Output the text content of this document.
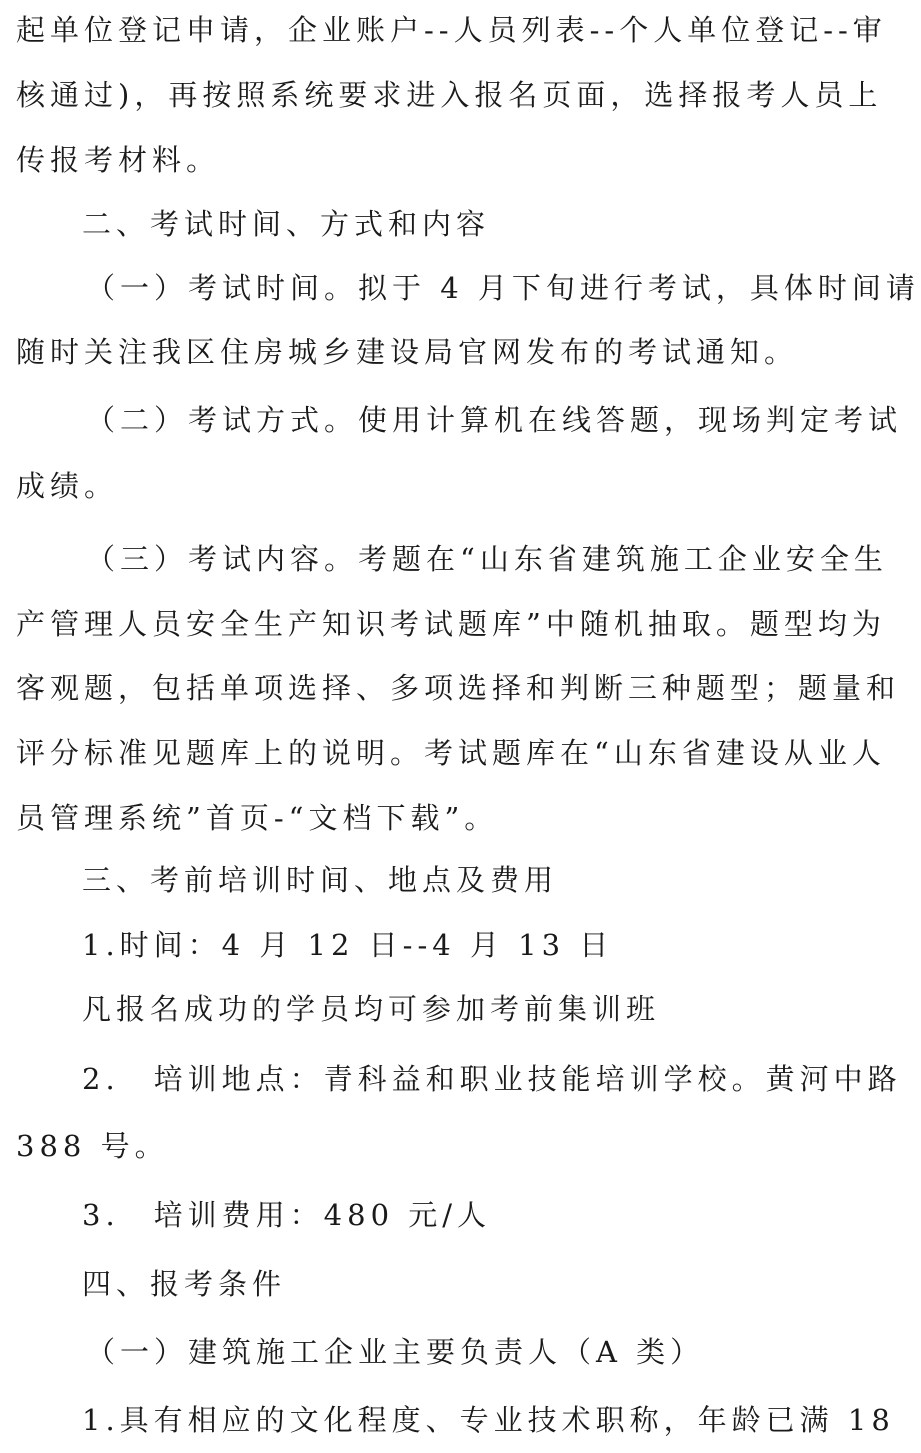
起单位登记申请，企业账户--人员列表--个人单位登记--审
核通过)，再按照系统要求进入报名页面，选择报考人员上
传报考材料。
二、考试时间、方式和内容
（一）考试时间。拟于 4 月下旬进行考试，具体时间请
随时关注我区住房城乡建设局官网发布的考试通知。
（二）考试方式。使用计算机在线答题，现场判定考试
成绩。
（三）考试内容。考题在“山东省建筑施工企业安全生
产管理人员安全生产知识考试题库”中随机抽取。题型均为
客观题，包括单项选择、多项选择和判断三种题型；题量和
评分标准见题库上的说明。考试题库在“山东省建设从业人
员管理系统”首页-“文档下载”。
三、考前培训时间、地点及费用
1.时间：4 月 12 日--4 月 13 日
凡报名成功的学员均可参加考前集训班
2.　培训地点：青科益和职业技能培训学校。黄河中路
388 号。
3.　培训费用：480 元/人
四、报考条件
（一）建筑施工企业主要负责人（A 类）
1.具有相应的文化程度、专业技术职称，年龄已满 18
